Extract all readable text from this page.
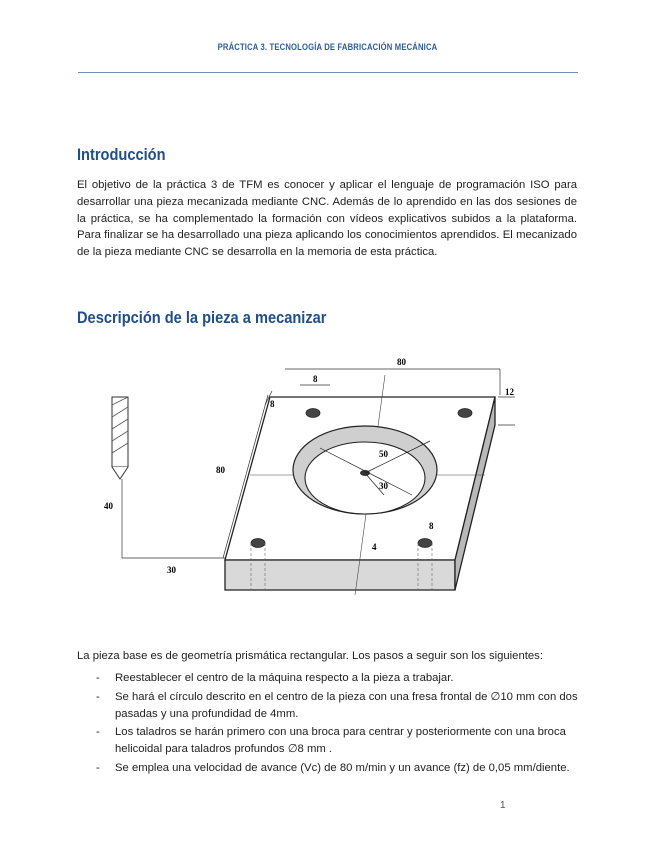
PRÁCTICA 3. TECNOLOGÍA DE FABRICACIÓN MECÁNICA
Introducción
El objetivo de la práctica 3 de TFM es conocer y aplicar el lenguaje de programación ISO para desarrollar una pieza mecanizada mediante CNC. Además de lo aprendido en las dos sesiones de la práctica, se ha complementado la formación con vídeos explicativos subidos a la plataforma. Para finalizar se ha desarrollado una pieza aplicando los conocimientos aprendidos. El mecanizado de la pieza mediante CNC se desarrolla en la memoria de esta práctica.
Descripción de la pieza a mecanizar
40
30
50
30
4
80
12
8
8
8
80
La pieza base es de geometría prismática rectangular. Los pasos a seguir son los siguientes:
- Reestablecer el centro de la máquina respecto a la pieza a trabajar.
- Se hará el círculo descrito en el centro de la pieza con una fresa frontal de ∅10 mm con dos pasadas y una profundidad de 4mm.
- Los taladros se harán primero con una broca para centrar y posteriormente con una broca helicoidal para taladros profundos ∅8 mm .
- Se emplea una velocidad de avance (Vc) de 80 m/min y un avance (fz) de 0,05 mm/diente.
1
